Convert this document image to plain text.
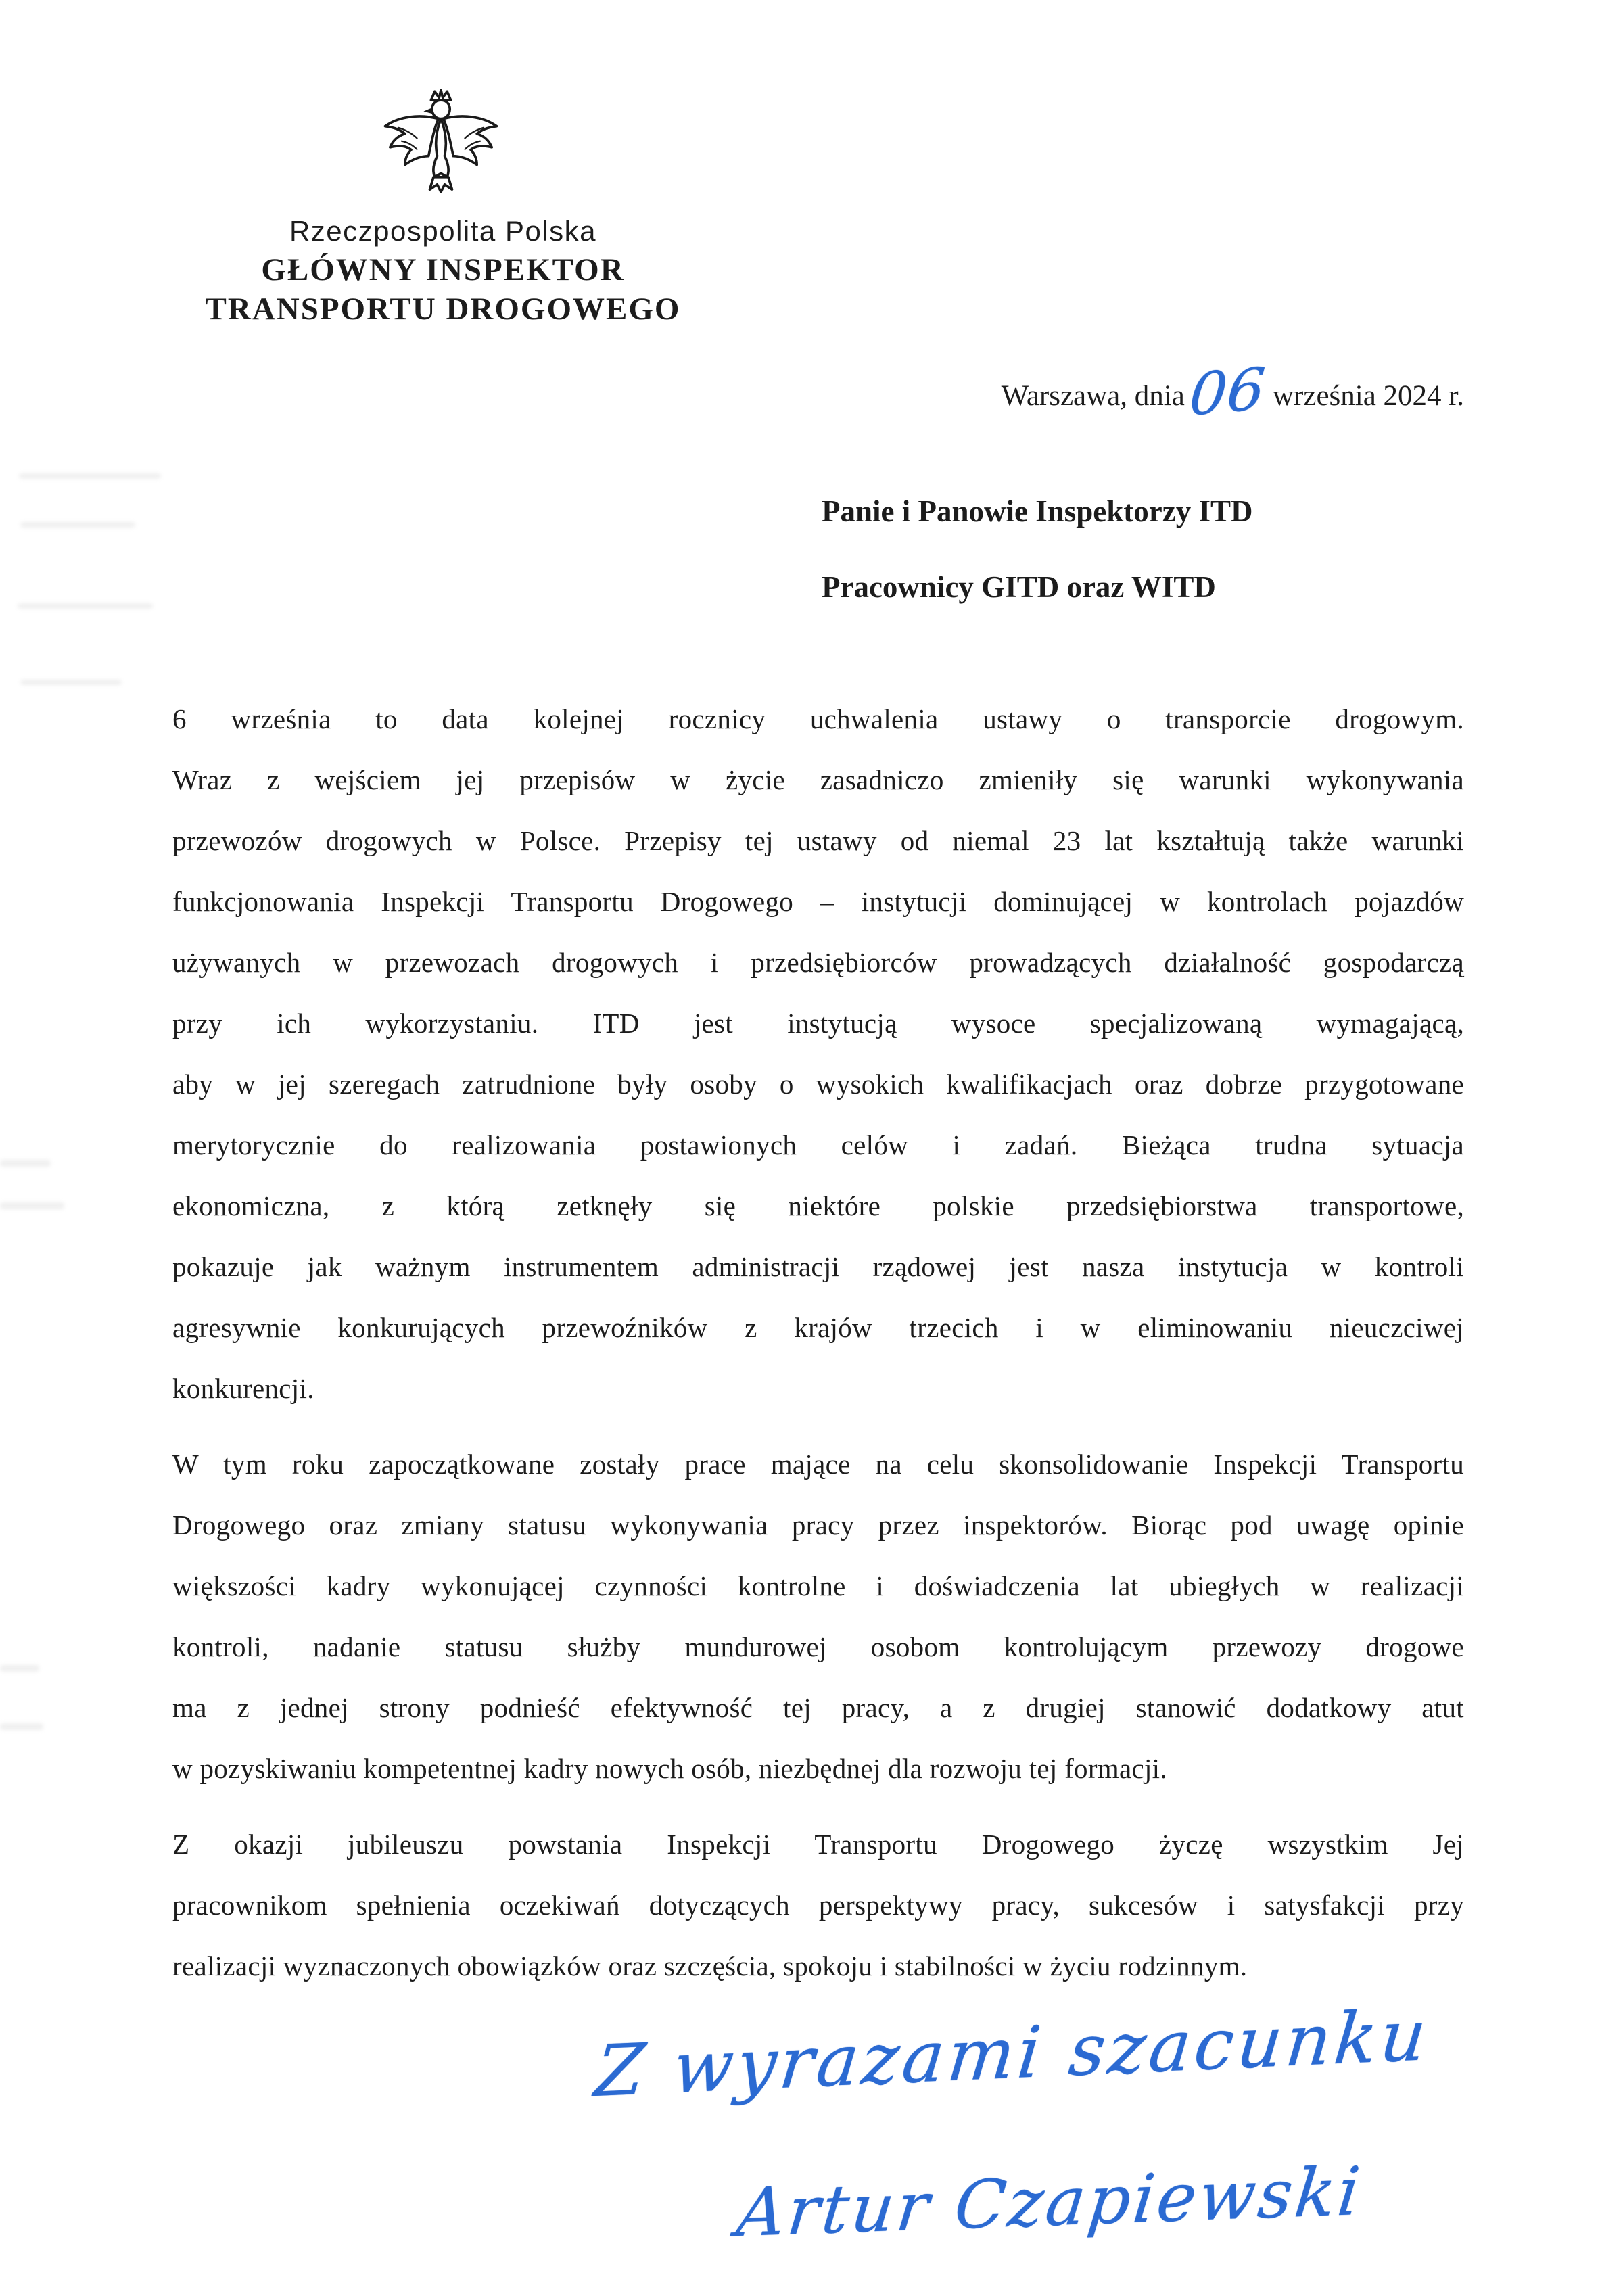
Rzeczpospolita Polska
GŁÓWNY INSPEKTOR
TRANSPORTU DROGOWEGO
Warszawa, dnia06 września 2024 r.
Panie i Panowie Inspektorzy ITD
Pracownicy GITD oraz WITD
6 września to data kolejnej rocznicy uchwalenia ustawy o transporcie drogowym.
Wraz z wejściem jej przepisów w życie zasadniczo zmieniły się warunki wykonywania
przewozów drogowych w Polsce. Przepisy tej ustawy od niemal 23 lat kształtują także warunki
funkcjonowania Inspekcji Transportu Drogowego – instytucji dominującej w kontrolach pojazdów
używanych w przewozach drogowych i przedsiębiorców prowadzących działalność gospodarczą
przy ich wykorzystaniu. ITD jest instytucją wysoce specjalizowaną wymagającą,
aby w jej szeregach zatrudnione były osoby o wysokich kwalifikacjach oraz dobrze przygotowane
merytorycznie do realizowania postawionych celów i zadań. Bieżąca trudna sytuacja
ekonomiczna, z którą zetknęły się niektóre polskie przedsiębiorstwa transportowe,
pokazuje jak ważnym instrumentem administracji rządowej jest nasza instytucja w kontroli
agresywnie konkurujących przewoźników z krajów trzecich i w eliminowaniu nieuczciwej
konkurencji.
W tym roku zapoczątkowane zostały prace mające na celu skonsolidowanie Inspekcji Transportu
Drogowego oraz zmiany statusu wykonywania pracy przez inspektorów. Biorąc pod uwagę opinie
większości kadry wykonującej czynności kontrolne i doświadczenia lat ubiegłych w realizacji
kontroli, nadanie statusu służby mundurowej osobom kontrolującym przewozy drogowe
ma z jednej strony podnieść efektywność tej pracy, a z drugiej stanowić dodatkowy atut
w pozyskiwaniu kompetentnej kadry nowych osób, niezbędnej dla rozwoju tej formacji.
Z okazji jubileuszu powstania Inspekcji Transportu Drogowego życzę wszystkim Jej
pracownikom spełnienia oczekiwań dotyczących perspektywy pracy, sukcesów i satysfakcji przy
realizacji wyznaczonych obowiązków oraz szczęścia, spokoju i stabilności w życiu rodzinnym.
Z wyrazami szacunku
Artur Czapiewski
